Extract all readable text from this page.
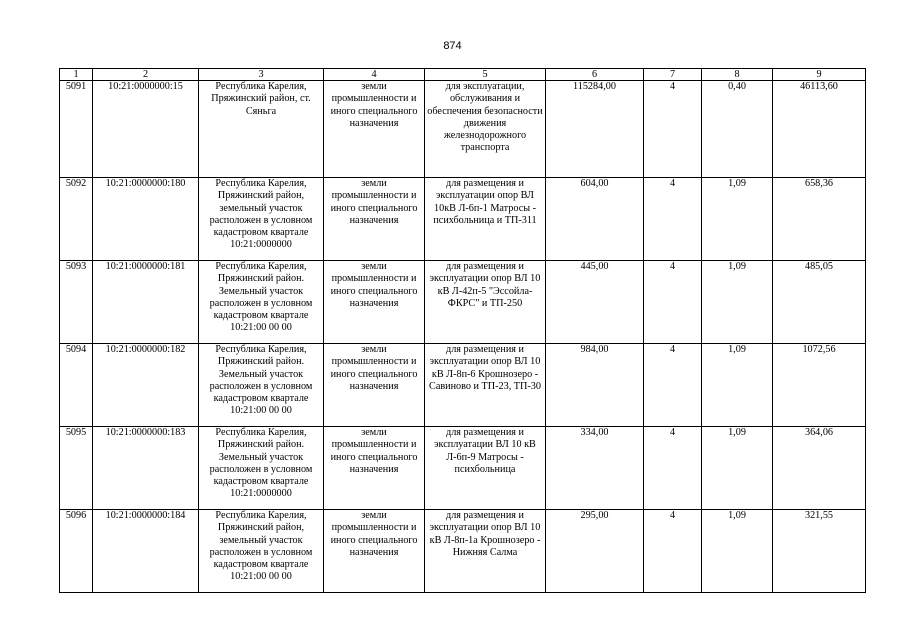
874
1	2	3	4	5	6	7	8	9
5091	10:21:0000000:15	Республика Карелия, Пряжинский район, ст. Сяньга	земли промышленности и иного специального назначения	для эксплуатации, обслуживания и обеспечения безопасности движения железнодорожного транспорта	115284,00	4	0,40	46113,60
5092	10:21:0000000:180	Республика Карелия, Пряжинский район, земельный участок расположен в условном кадастровом квартале 10:21:0000000	земли промышленности и иного специального назначения	для размещения и эксплуатации опор ВЛ 10кВ Л-6п-1 Матросы - психбольница и ТП-311	604,00	4	1,09	658,36
5093	10:21:0000000:181	Республика Карелия, Пряжинский район. Земельный участок расположен в условном кадастровом квартале 10:21:00 00 00	земли промышленности и иного специального назначения	для размещения и эксплуатации опор ВЛ 10 кВ Л-42п-5 "Эссойла-ФКРС" и ТП-250	445,00	4	1,09	485,05
5094	10:21:0000000:182	Республика Карелия, Пряжинский район. Земельный участок расположен в условном кадастровом квартале 10:21:00 00 00	земли промышленности и иного специального назначения	для размещения и эксплуатации опор ВЛ 10 кВ Л-8п-6 Крошнозеро - Савиново и ТП-23, ТП-30	984,00	4	1,09	1072,56
5095	10:21:0000000:183	Республика Карелия, Пряжинский район. Земельный участок расположен в условном кадастровом квартале 10:21:0000000	земли промышленности и иного специального назначения	для размещения и эксплуатации ВЛ 10 кВ Л-6п-9 Матросы - психбольница	334,00	4	1,09	364,06
5096	10:21:0000000:184	Республика Карелия, Пряжинский район, земельный участок расположен в условном кадастровом квартале 10:21:00 00 00	земли промышленности и иного специального назначения	для размещения и эксплуатации опор ВЛ 10 кВ Л-8п-1а Крошнозеро - Нижняя Салма	295,00	4	1,09	321,55
